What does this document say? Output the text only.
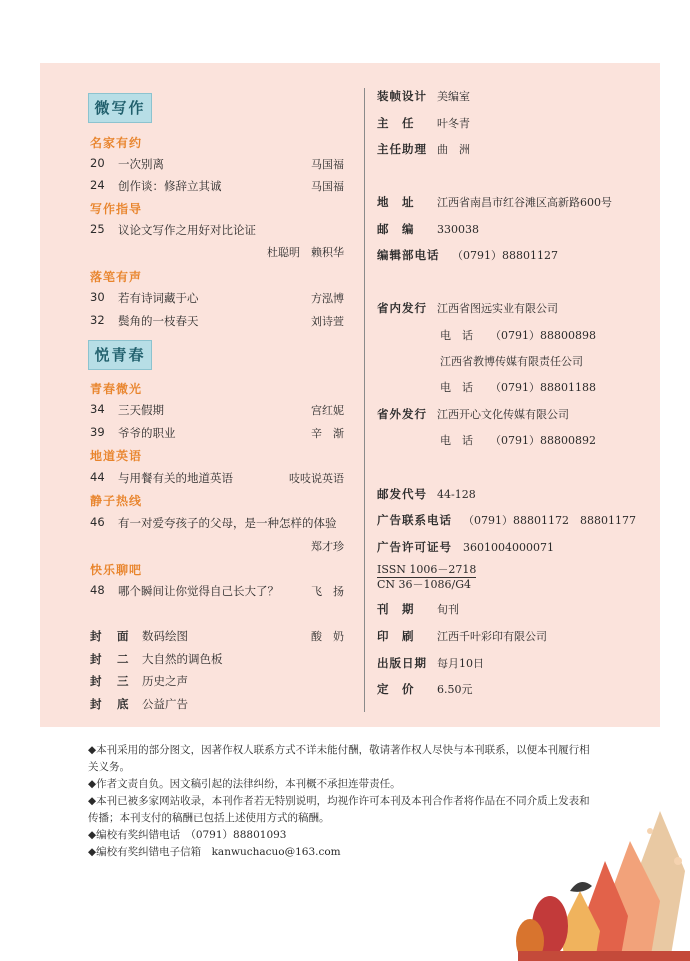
微写作
名家有约
20	一次别离	马国福
24	创作谈：修辞立其诚	马国福
写作指导
25	议论文写作之用好对比论证
杜聪明　赖积华
落笔有声
30	若有诗词藏于心	方泓博
32	鬓角的一枝春天	刘诗萱
悦青春
青春微光
34	三天假期	宫红妮
39	爷爷的职业	辛　渐
地道英语
44	与用餐有关的地道英语	吱吱说英语
静子热线
46	有一对爱夸孩子的父母，是一种怎样的体验
郑才珍
快乐聊吧
48	哪个瞬间让你觉得自己长大了？	飞　扬
封　面 数码绘图	酸　奶
封　二 大自然的调色板
封　三 历史之声
封　底 公益广告
装帧设计 美编室
主　任 叶冬青
主任助理 曲　洲
地　址 江西省南昌市红谷滩区高新路600号
邮　编 330038
编辑部电话 （0791）88801127
省内发行 江西省图远实业有限公司
电　话 （0791）88800898
江西省教博传媒有限责任公司
电　话 （0791）88801188
省外发行 江西开心文化传媒有限公司
电　话 （0791）88800892
邮发代号 44-128
广告联系电话 （0791）88801172　88801177
广告许可证号 3601004000071
ISSN 1006－2718
CN 36－1086/G4
刊　期 旬刊
印　刷 江西千叶彩印有限公司
出版日期 每月10日
定　价 6.50元

◆本刊采用的部分图文，因著作权人联系方式不详未能付酬，敬请著作权人尽快与本刊联系，以便本刊履行相关义务。

◆作者文责自负。因文稿引起的法律纠纷，本刊概不承担连带责任。

◆本刊已被多家网站收录，本刊作者若无特别说明，均视作许可本刊及本刊合作者将作品在不同介质上发表和传播；本刊支付的稿酬已包括上述使用方式的稿酬。

◆编校有奖纠错电话　（0791）88801093

◆编校有奖纠错电子信箱　kanwuchacuo@163.com
